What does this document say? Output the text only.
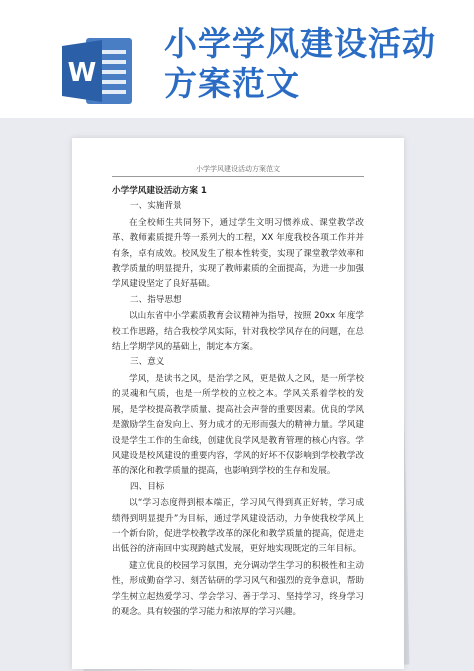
W
小学学风建设活动
方案范文
小学学风建设活动方案范文

小学学风建设活动方案 1

一、实施背景

在全校师生共同努下，通过学生文明习惯养成、课堂教学改革、教师素质提升等一系列大的工程，XX 年度我校各项工作并并有条，卓有成效。校风发生了根本性转变，实现了课堂教学效率和教学质量的明显提升，实现了教师素质的全面提高，为进一步加强学风建设坚定了良好基础。

二、指导思想

以山东省中小学素质教育会议精神为指导，按照 20xx 年度学校工作思路，结合我校学风实际，针对我校学风存在的问题，在总结上学期学风的基础上，制定本方案。

三、意义

学风，是读书之风，是治学之风，更是做人之风，是一所学校的灵魂和气质，也是一所学校的立校之本。学风关系着学校的发展，是学校提高教学质量、提高社会声誉的重要因素。优良的学风是激励学生奋发向上、努力成才的无形而强大的精神力量。学风建设是学生工作的生命线，创建优良学风是教育管理的核心内容。学风建设是校风建设的重要内容，学风的好坏不仅影响到学校教学改革的深化和教学质量的提高，也影响到学校的生存和发展。

四、目标

以“学习态度得到根本端正，学习风气得到真正好转，学习成绩得到明显提升”为目标，通过学风建设活动，力争使我校学风上一个新台阶，促进学校教学改革的深化和教学质量的提高，促进走出低谷的济南回中实现跨越式发展，更好地实现既定的三年目标。

建立优良的校园学习氛围，充分调动学生学习的积极性和主动性，形成勤奋学习、刻苦钻研的学习风气和强烈的竞争意识，帮助学生树立起热爱学习、学会学习、善于学习、坚持学习，终身学习的观念。具有较强的学习能力和浓厚的学习兴趣。
